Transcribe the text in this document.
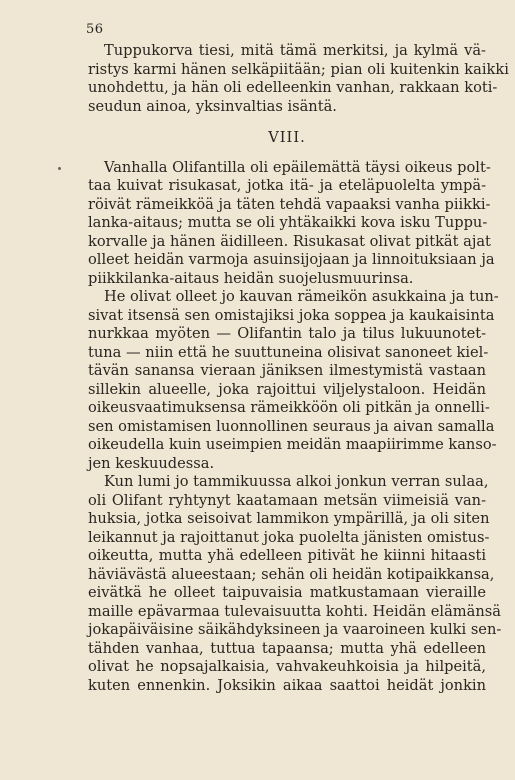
56
Tuppukorva tiesi, mitä tämä merkitsi, ja kylmä vä-
ristys karmi hänen selkäpiitään; pian oli kuitenkin kaikki
unohdettu, ja hän oli edelleenkin vanhan, rakkaan koti-
seudun ainoa, yksinvaltias isäntä.
VIII.
Vanhalla Olifantilla oli epäilemättä täysi oikeus polt-
taa kuivat risukasat, jotka itä- ja eteläpuolelta ympä-
röivät rämeikköä ja täten tehdä vapaaksi vanha piikki-
lanka-aitaus; mutta se oli yhtäkaikki kova isku Tuppu-
korvalle ja hänen äidilleen. Risukasat olivat pitkät ajat
olleet heidän varmoja asuinsijojaan ja linnoituksiaan ja
piikkilanka-aitaus heidän suojelusmuurinsa.
He olivat olleet jo kauvan rämeikön asukkaina ja tun-
sivat itsensä sen omistajiksi joka soppea ja kaukaisinta
nurkkaa myöten — Olifantin talo ja tilus lukuunotet-
tuna — niin että he suuttuneina olisivat sanoneet kiel-
tävän sanansa vieraan jäniksen ilmestymistä vastaan
sillekin alueelle, joka rajoittui viljelystaloon. Heidän
oikeusvaatimuksensa rämeikköön oli pitkän ja onnelli-
sen omistamisen luonnollinen seuraus ja aivan samalla
oikeudella kuin useimpien meidän maapiirimme kanso-
jen keskuudessa.
Kun lumi jo tammikuussa alkoi jonkun verran sulaa,
oli Olifant ryhtynyt kaatamaan metsän viimeisiä van-
huksia, jotka seisoivat lammikon ympärillä, ja oli siten
leikannut ja rajoittanut joka puolelta jänisten omistus-
oikeutta, mutta yhä edelleen pitivät he kiinni hitaasti
häviävästä alueestaan; sehän oli heidän kotipaikkansa,
eivätkä he olleet taipuvaisia matkustamaan vieraille
maille epävarmaa tulevaisuutta kohti. Heidän elämänsä
jokapäiväisine säikähdyksineen ja vaaroineen kulki sen-
tähden vanhaa, tuttua tapaansa; mutta yhä edelleen
olivat he nopsajalkaisia, vahvakeuhkoisia ja hilpeitä,
kuten ennenkin. Joksikin aikaa saattoi heidät jonkin
